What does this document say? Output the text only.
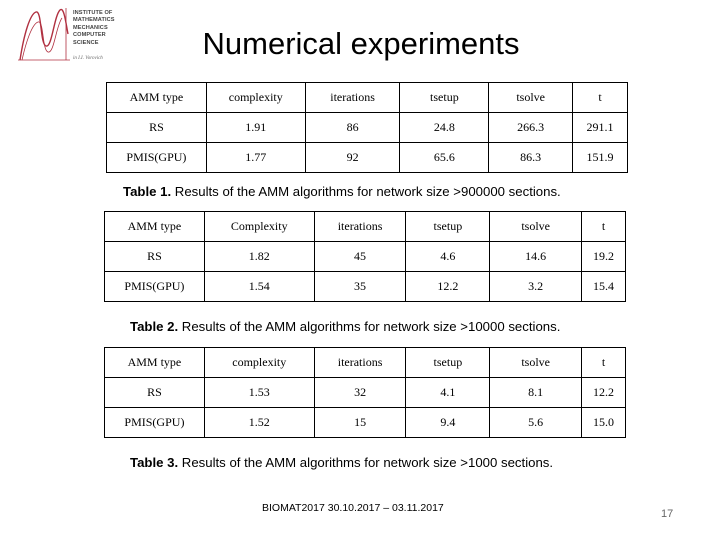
INSTITUTE OF
MATHEMATICS
MECHANICS
COMPUTER
SCIENCE
in I.I. Vorovich	Numerical experiments
AMM type	complexity	iterations	tsetup	tsolve	t
RS	1.91	86	24.8	266.3	291.1
PMIS(GPU)	1.77	92	65.6	86.3	151.9
Table 1. Results of the AMM algorithms for network size >900000 sections.
AMM type	Complexity	iterations	tsetup	tsolve	t
RS	1.82	45	4.6	14.6	19.2
PMIS(GPU)	1.54	35	12.2	3.2	15.4
Table 2. Results of the AMM algorithms for network size >10000 sections.
AMM type	complexity	iterations	tsetup	tsolve	t
RS	1.53	32	4.1	8.1	12.2
PMIS(GPU)	1.52	15	9.4	5.6	15.0
Table 3. Results of the AMM algorithms for network size >1000 sections.
BIOMAT2017 30.10.2017 – 03.11.2017	17
